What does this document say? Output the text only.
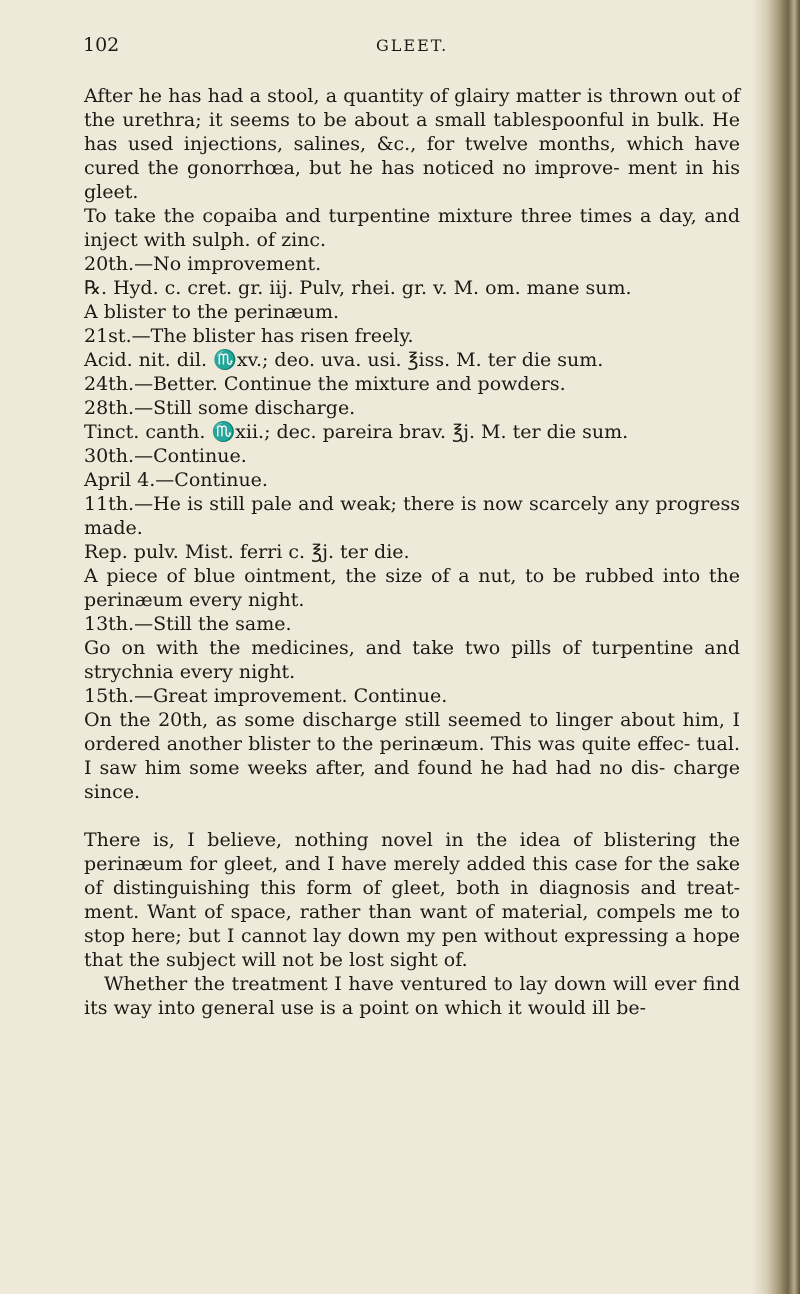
102	GLEET.

After he has had a stool, a quantity of glairy matter is thrown out of the urethra; it seems to be about a small tablespoonful in bulk. He has used injections, salines, &c., for twelve months, which have cured the gonorrhœa, but he has noticed no improve- ment in his gleet.

To take the copaiba and turpentine mixture three times a day, and inject with sulph. of zinc.

20th.—No improvement.

℞. Hyd. c. cret. gr. iij. Pulv, rhei. gr. v. M. om. mane sum.

A blister to the perinæum.

21st.—The blister has risen freely.

Acid. nit. dil. ♏xv.; deo. uva. usi. ℥iss. M. ter die sum.

24th.—Better. Continue the mixture and powders.

28th.—Still some discharge.

Tinct. canth. ♏xii.; dec. pareira brav. ℥j. M. ter die sum.

30th.—Continue.

April 4.—Continue.

11th.—He is still pale and weak; there is now scarcely any progress made.

Rep. pulv. Mist. ferri c. ℥j. ter die.

A piece of blue ointment, the size of a nut, to be rubbed into the perinæum every night.

13th.—Still the same.

Go on with the medicines, and take two pills of turpentine and strychnia every night.

15th.—Great improvement. Continue.

On the 20th, as some discharge still seemed to linger about him, I ordered another blister to the perinæum. This was quite effec- tual. I saw him some weeks after, and found he had had no dis- charge since.

There is, I believe, nothing novel in the idea of blistering the perinæum for gleet, and I have merely added this case for the sake of distinguishing this form of gleet, both in diagnosis and treat- ment. Want of space, rather than want of material, compels me to stop here; but I cannot lay down my pen without expressing a hope that the subject will not be lost sight of.

Whether the treatment I have ventured to lay down will ever find its way into general use is a point on which it would ill be-
